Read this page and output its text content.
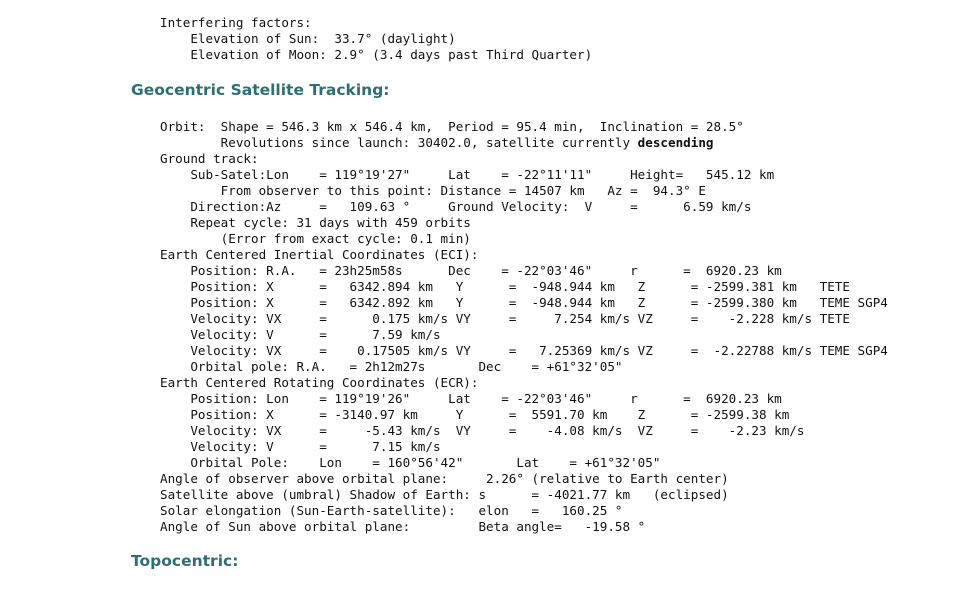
Interfering factors:
Elevation of Sun:  33.7° (daylight)
Elevation of Moon: 2.9° (3.4 days past Third Quarter)
Geocentric Satellite Tracking:
Orbit:  Shape = 546.3 km x 546.4 km,  Period = 95.4 min,  Inclination = 28.5°
Revolutions since launch: 30402.0, satellite currently descending
Ground track:
Sub-Satel:Lon    = 119°19'27"     Lat    = -22°11'11"     Height=   545.12 km
From observer to this point: Distance = 14507 km   Az =  94.3° E
Direction:Az     =   109.63 °     Ground Velocity:  V     =      6.59 km/s
Repeat cycle: 31 days with 459 orbits
(Error from exact cycle: 0.1 min)
Earth Centered Inertial Coordinates (ECI):
Position: R.A.   = 23h25m58s      Dec    = -22°03'46"     r      =  6920.23 km
Position: X      =   6342.894 km   Y      =  -948.944 km   Z      = -2599.381 km   TETE
Position: X      =   6342.892 km   Y      =  -948.944 km   Z      = -2599.380 km   TEME SGP4
Velocity: VX     =      0.175 km/s VY     =     7.254 km/s VZ     =    -2.228 km/s TETE
Velocity: V      =      7.59 km/s
Velocity: VX     =    0.17505 km/s VY     =   7.25369 km/s VZ     =  -2.22788 km/s TEME SGP4
Orbital pole: R.A.   = 2h12m27s       Dec    = +61°32'05"
Earth Centered Rotating Coordinates (ECR):
Position: Lon    = 119°19'26"     Lat    = -22°03'46"     r      =  6920.23 km
Position: X      = -3140.97 km     Y      =  5591.70 km    Z      = -2599.38 km
Velocity: VX     =     -5.43 km/s  VY     =    -4.08 km/s  VZ     =    -2.23 km/s
Velocity: V      =      7.15 km/s
Orbital Pole:    Lon    = 160°56'42"       Lat    = +61°32'05"
Angle of observer above orbital plane:     2.26° (relative to Earth center)
Satellite above (umbral) Shadow of Earth: s      = -4021.77 km   (eclipsed)
Solar elongation (Sun-Earth-satellite):   elon   =   160.25 °
Angle of Sun above orbital plane:         Beta angle=   -19.58 °
Topocentric:
